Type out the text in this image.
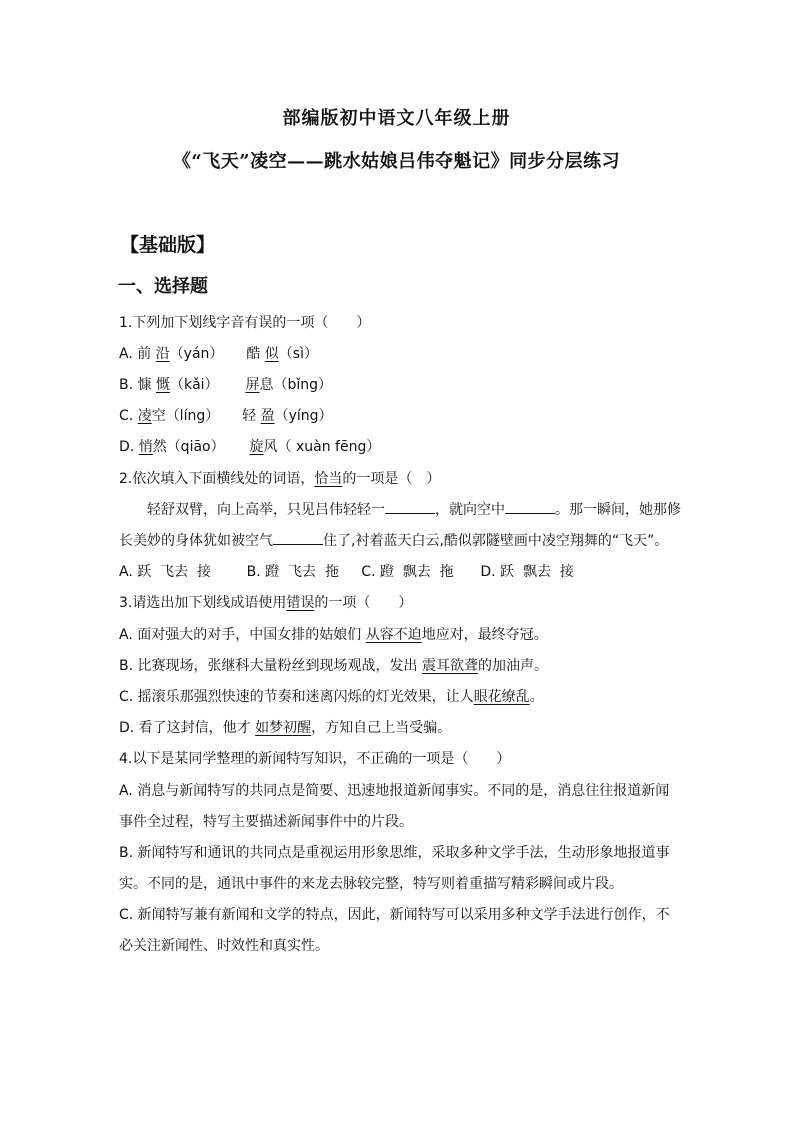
部编版初中语文八年级上册
《“飞天”凌空——跳水姑娘吕伟夺魁记》同步分层练习
【基础版】
一、选择题
1.下列加下划线字音有误的一项（　　）
A. 前 沿（yán） 酷 似（sì）
B. 慷 慨（kǎi） 屏息（bǐng）
C. 凌空（líng） 轻 盈（yíng）
D. 悄然（qiāo） 旋风（ xuàn fēng）
2.依次填入下面横线处的词语，恰当的一项是（　）
轻舒双臂，向上高举，只见吕伟轻轻一	，就向空中	。那一瞬间，她那修
长美妙的身体犹如被空气	住了,衬着蓝天白云,酷似郭隧壁画中凌空翔舞的“飞天”。
A. 跃  飞去  接        B. 蹬  飞去  拖     C. 蹬  飘去  拖      D. 跃  飘去  接
3.请选出加下划线成语使用错误的一项（　　）
A. 面对强大的对手，中国女排的姑娘们 从容不迫地应对，最终夺冠。
B. 比赛现场，张继科大量粉丝到现场观战，发出 震耳欲聋的加油声。
C. 摇滚乐那强烈快速的节奏和迷离闪烁的灯光效果，让人眼花缭乱。
D. 看了这封信，他才 如梦初醒，方知自己上当受骗。
4.以下是某同学整理的新闻特写知识，不正确的一项是（　　）
A. 消息与新闻特写的共同点是简要、迅速地报道新闻事实。不同的是，消息往往报道新闻
事件全过程，特写主要描述新闻事件中的片段。
B. 新闻特写和通讯的共同点是重视运用形象思维，采取多种文学手法，生动形象地报道事
实。不同的是，通讯中事件的来龙去脉较完整，特写则着重描写精彩瞬间或片段。
C. 新闻特写兼有新闻和文学的特点，因此，新闻特写可以采用多种文学手法进行创作，不
必关注新闻性、时效性和真实性。
